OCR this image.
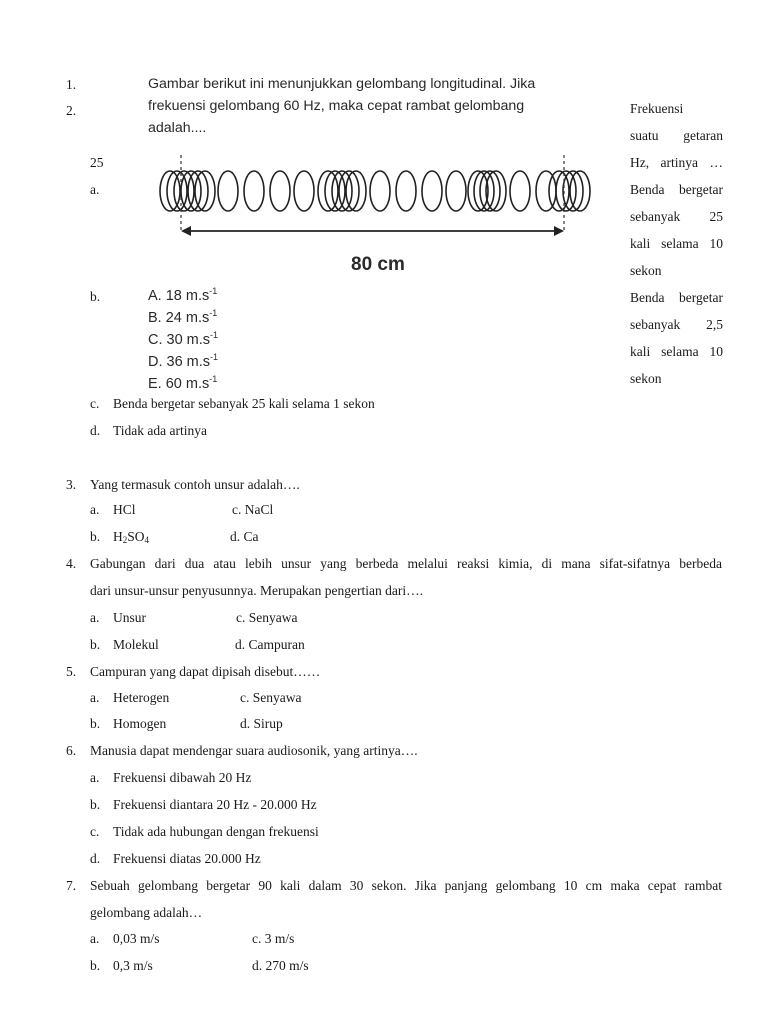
1.
2.
25
a.
b.
Gambar berikut ini menunjukkan gelombang longitudinal. Jika
frekuensi gelombang 60 Hz, maka cepat rambat gelombang
adalah....
80 cm
A. 18 $m.s^{-1}$
B. 24 $m.s^{-1}$
C. 30 $m.s^{-1}$
D. 36 $m.s^{-1}$
E. 60 $m.s^{-1}$
Frekuensi
suatu getaran
Hz, artinya …
Benda bergetar
sebanyak 25
kali selama 10
sekon
Benda bergetar
sebanyak 2,5
kali selama 10
sekon
c. Benda bergetar sebanyak 25 kali selama 1 sekon
d. Tidak ada artinya
3. Yang termasuk contoh unsur adalah….
a. HCl	c. NaCl
b. $H_2SO_4$	d. Ca
4. Gabungan dari dua atau lebih unsur yang berbeda melalui reaksi kimia, di mana sifat-sifatnya berbeda
dari unsur-unsur penyusunnya. Merupakan pengertian dari….
a. Unsur	c. Senyawa
b. Molekul	d. Campuran
5. Campuran yang dapat dipisah disebut……
a. Heterogen	c. Senyawa
b. Homogen	d. Sirup
6. Manusia dapat mendengar suara audiosonik, yang artinya….
a. Frekuensi dibawah 20 Hz
b. Frekuensi diantara 20 Hz - 20.000 Hz
c. Tidak ada hubungan dengan frekuensi
d. Frekuensi diatas 20.000 Hz
7. Sebuah gelombang bergetar 90 kali dalam 30 sekon. Jika panjang gelombang 10 cm maka cepat rambat
gelombang adalah…
a. 0,03 m/s	c. 3 m/s
b. 0,3 m/s	d. 270 m/s
